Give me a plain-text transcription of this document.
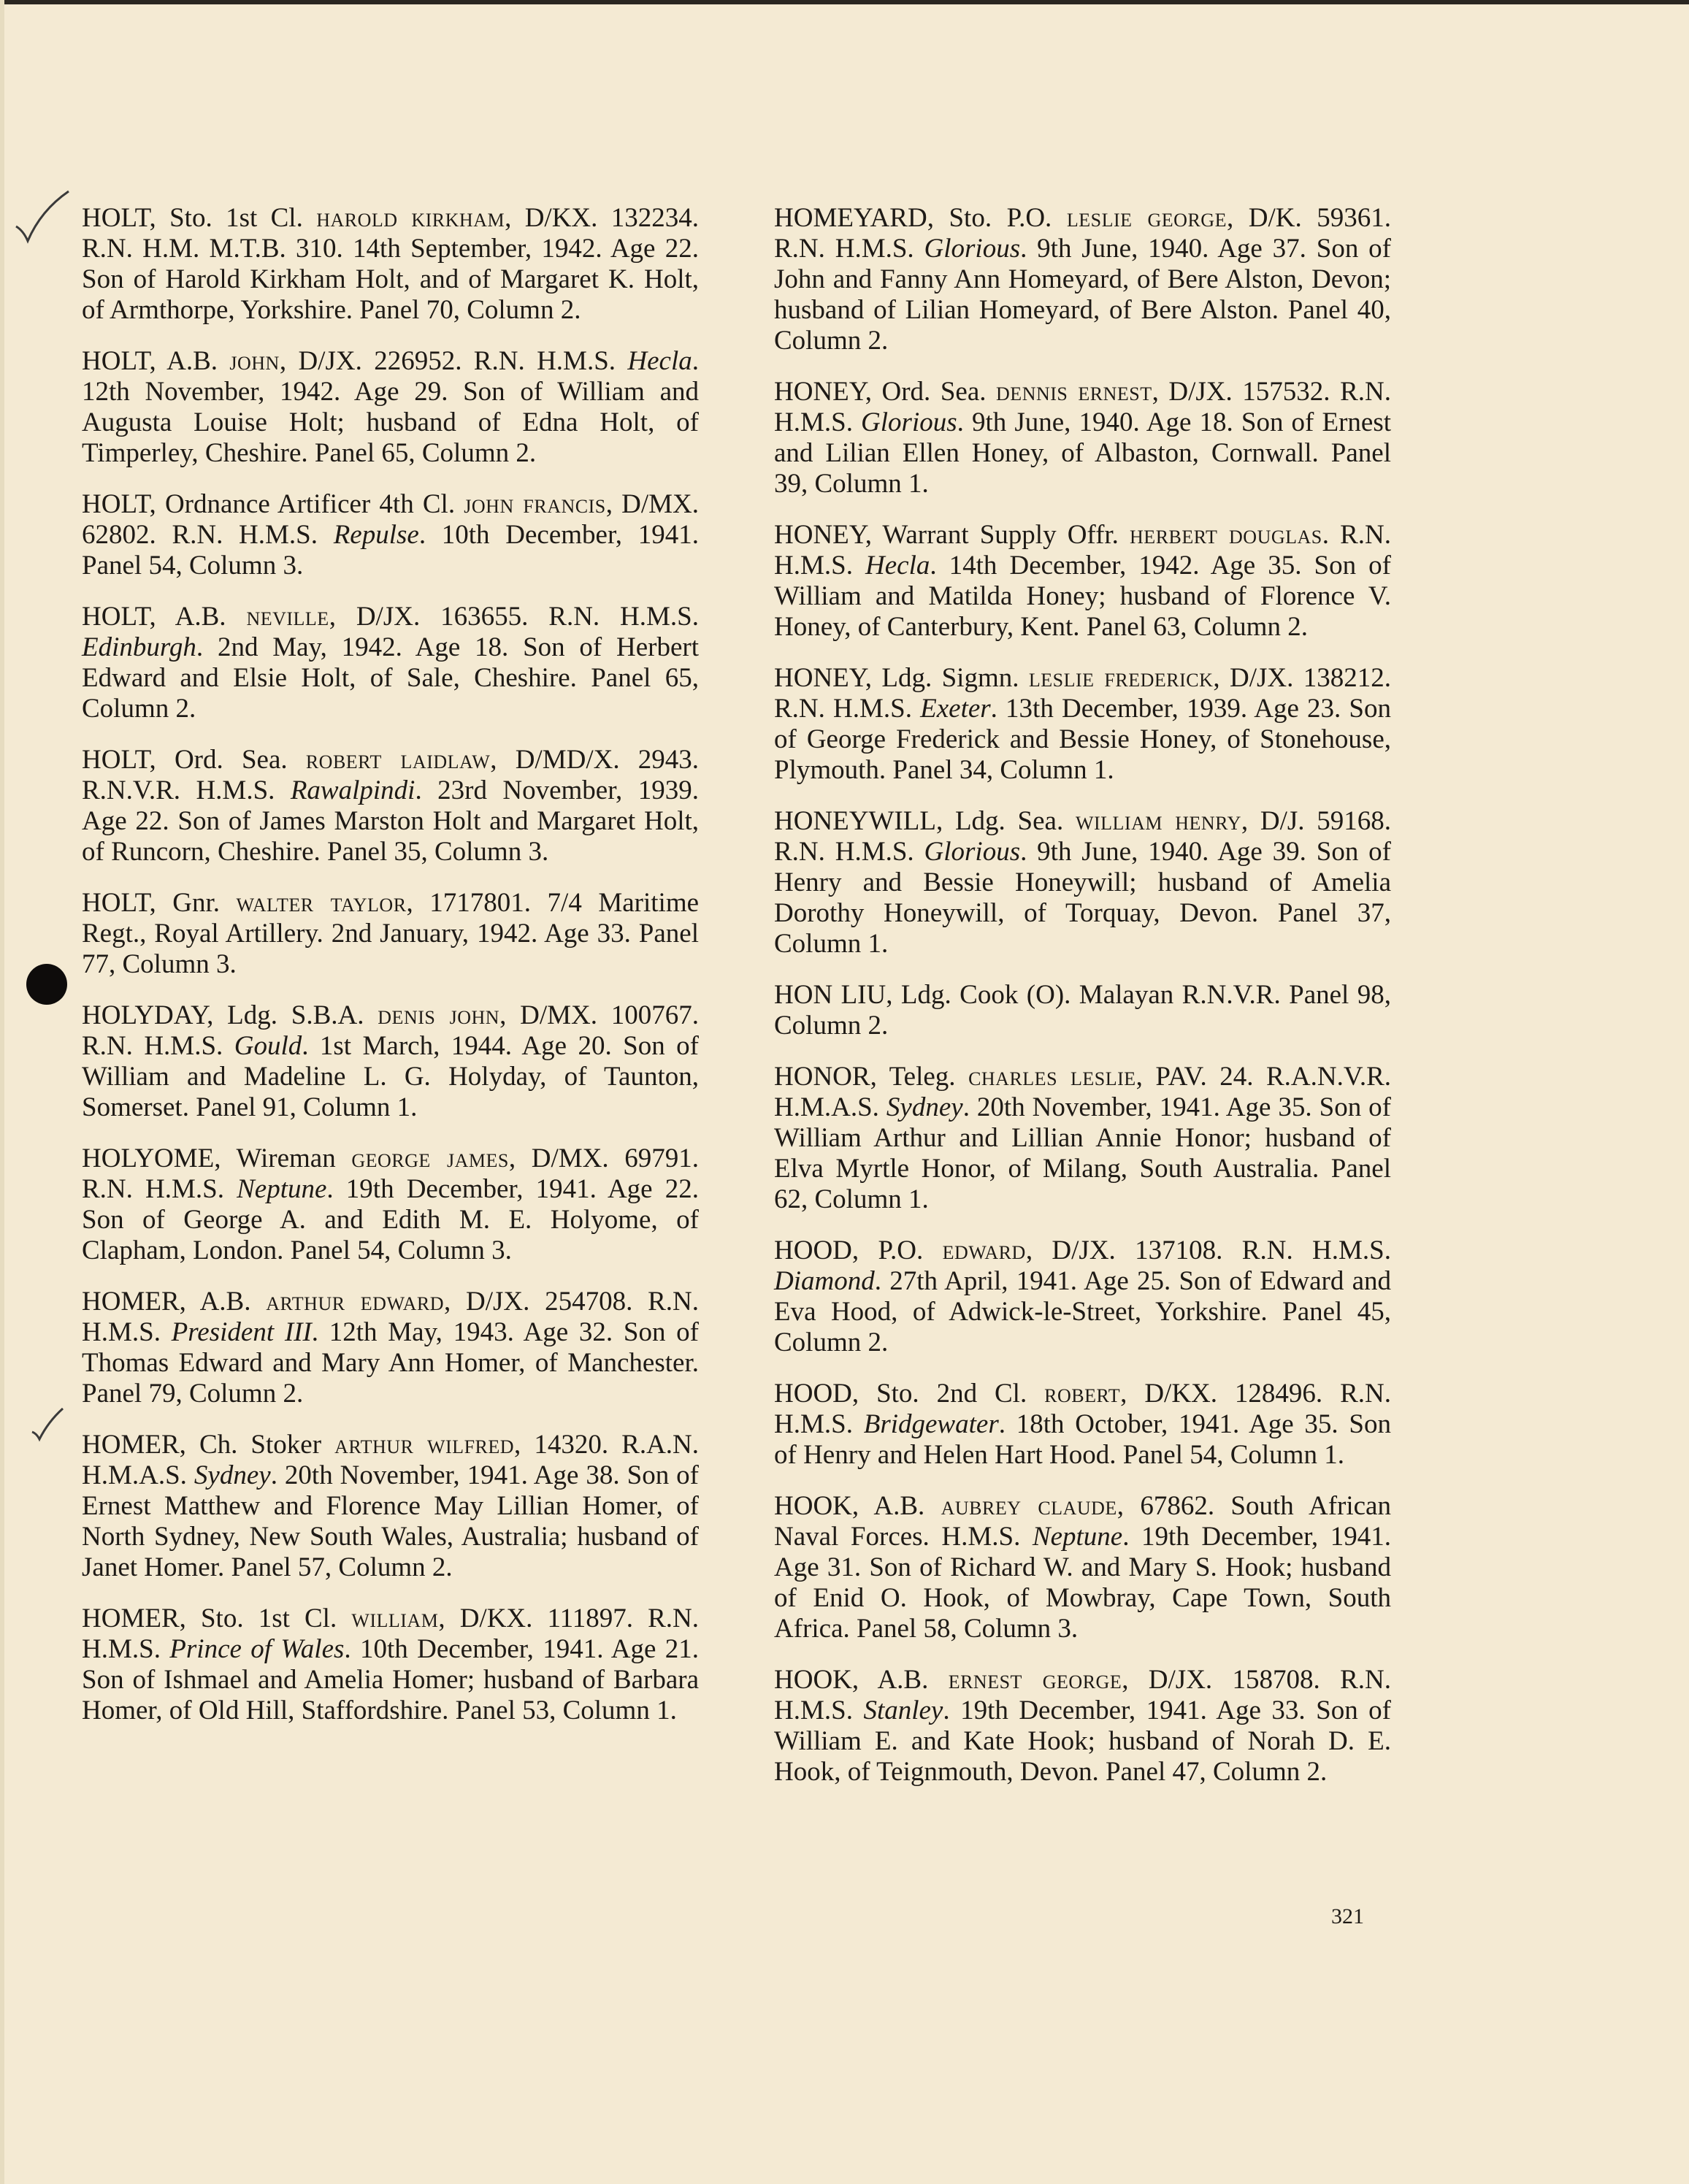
HOLT, Sto. 1st Cl. harold kirkham, D/KX. 132234. R.N. H.M. M.T.B. 310. 14th September, 1942. Age 22. Son of Harold Kirkham Holt, and of Margaret K. Holt, of Armthorpe, Yorkshire. Panel 70, Column 2.

HOLT, A.B. john, D/JX. 226952. R.N. H.M.S. Hecla. 12th November, 1942. Age 29. Son of William and Augusta Louise Holt; husband of Edna Holt, of Timperley, Cheshire. Panel 65, Column 2.

HOLT, Ordnance Artificer 4th Cl. john francis, D/MX. 62802. R.N. H.M.S. Repulse. 10th December, 1941. Panel 54, Column 3.

HOLT, A.B. neville, D/JX. 163655. R.N. H.M.S. Edinburgh. 2nd May, 1942. Age 18. Son of Herbert Edward and Elsie Holt, of Sale, Cheshire. Panel 65, Column 2.

HOLT, Ord. Sea. robert laidlaw, D/MD/X. 2943. R.N.V.R. H.M.S. Rawalpindi. 23rd November, 1939. Age 22. Son of James Marston Holt and Margaret Holt, of Runcorn, Cheshire. Panel 35, Column 3.

HOLT, Gnr. walter taylor, 1717801. 7/4 Maritime Regt., Royal Artillery. 2nd January, 1942. Age 33. Panel 77, Column 3.

HOLYDAY, Ldg. S.B.A. denis john, D/MX. 100767. R.N. H.M.S. Gould. 1st March, 1944. Age 20. Son of William and Madeline L. G. Holyday, of Taunton, Somerset. Panel 91, Column 1.

HOLYOME, Wireman george james, D/MX. 69791. R.N. H.M.S. Neptune. 19th December, 1941. Age 22. Son of George A. and Edith M. E. Holyome, of Clapham, London. Panel 54, Column 3.

HOMER, A.B. arthur edward, D/JX. 254708. R.N. H.M.S. President III. 12th May, 1943. Age 32. Son of Thomas Edward and Mary Ann Homer, of Manchester. Panel 79, Column 2.

HOMER, Ch. Stoker arthur wilfred, 14320. R.A.N. H.M.A.S. Sydney. 20th November, 1941. Age 38. Son of Ernest Matthew and Florence May Lillian Homer, of North Sydney, New South Wales, Australia; husband of Janet Homer. Panel 57, Column 2.

HOMER, Sto. 1st Cl. william, D/KX. 111897. R.N. H.M.S. Prince of Wales. 10th December, 1941. Age 21. Son of Ishmael and Amelia Homer; husband of Barbara Homer, of Old Hill, Staffordshire. Panel 53, Column 1.

HOMEYARD, Sto. P.O. leslie george, D/K. 59361. R.N. H.M.S. Glorious. 9th June, 1940. Age 37. Son of John and Fanny Ann Homeyard, of Bere Alston, Devon; husband of Lilian Homeyard, of Bere Alston. Panel 40, Column 2.

HONEY, Ord. Sea. dennis ernest, D/JX. 157532. R.N. H.M.S. Glorious. 9th June, 1940. Age 18. Son of Ernest and Lilian Ellen Honey, of Albaston, Cornwall. Panel 39, Column 1.

HONEY, Warrant Supply Offr. herbert douglas. R.N. H.M.S. Hecla. 14th December, 1942. Age 35. Son of William and Matilda Honey; husband of Florence V. Honey, of Canterbury, Kent. Panel 63, Column 2.

HONEY, Ldg. Sigmn. leslie frederick, D/JX. 138212. R.N. H.M.S. Exeter. 13th December, 1939. Age 23. Son of George Frederick and Bessie Honey, of Stonehouse, Plymouth. Panel 34, Column 1.

HONEYWILL, Ldg. Sea. william henry, D/J. 59168. R.N. H.M.S. Glorious. 9th June, 1940. Age 39. Son of Henry and Bessie Honeywill; husband of Amelia Dorothy Honeywill, of Torquay, Devon. Panel 37, Column 1.

HON LIU, Ldg. Cook (O). Malayan R.N.V.R. Panel 98, Column 2.

HONOR, Teleg. charles leslie, PAV. 24. R.A.N.V.R. H.M.A.S. Sydney. 20th November, 1941. Age 35. Son of William Arthur and Lillian Annie Honor; husband of Elva Myrtle Honor, of Milang, South Australia. Panel 62, Column 1.

HOOD, P.O. edward, D/JX. 137108. R.N. H.M.S. Diamond. 27th April, 1941. Age 25. Son of Edward and Eva Hood, of Adwick-le-Street, Yorkshire. Panel 45, Column 2.

HOOD, Sto. 2nd Cl. robert, D/KX. 128496. R.N. H.M.S. Bridgewater. 18th October, 1941. Age 35. Son of Henry and Helen Hart Hood. Panel 54, Column 1.

HOOK, A.B. aubrey claude, 67862. South African Naval Forces. H.M.S. Neptune. 19th December, 1941. Age 31. Son of Richard W. and Mary S. Hook; husband of Enid O. Hook, of Mowbray, Cape Town, South Africa. Panel 58, Column 3.

HOOK, A.B. ernest george, D/JX. 158708. R.N. H.M.S. Stanley. 19th December, 1941. Age 33. Son of William E. and Kate Hook; husband of Norah D. E. Hook, of Teignmouth, Devon. Panel 47, Column 2.

321
